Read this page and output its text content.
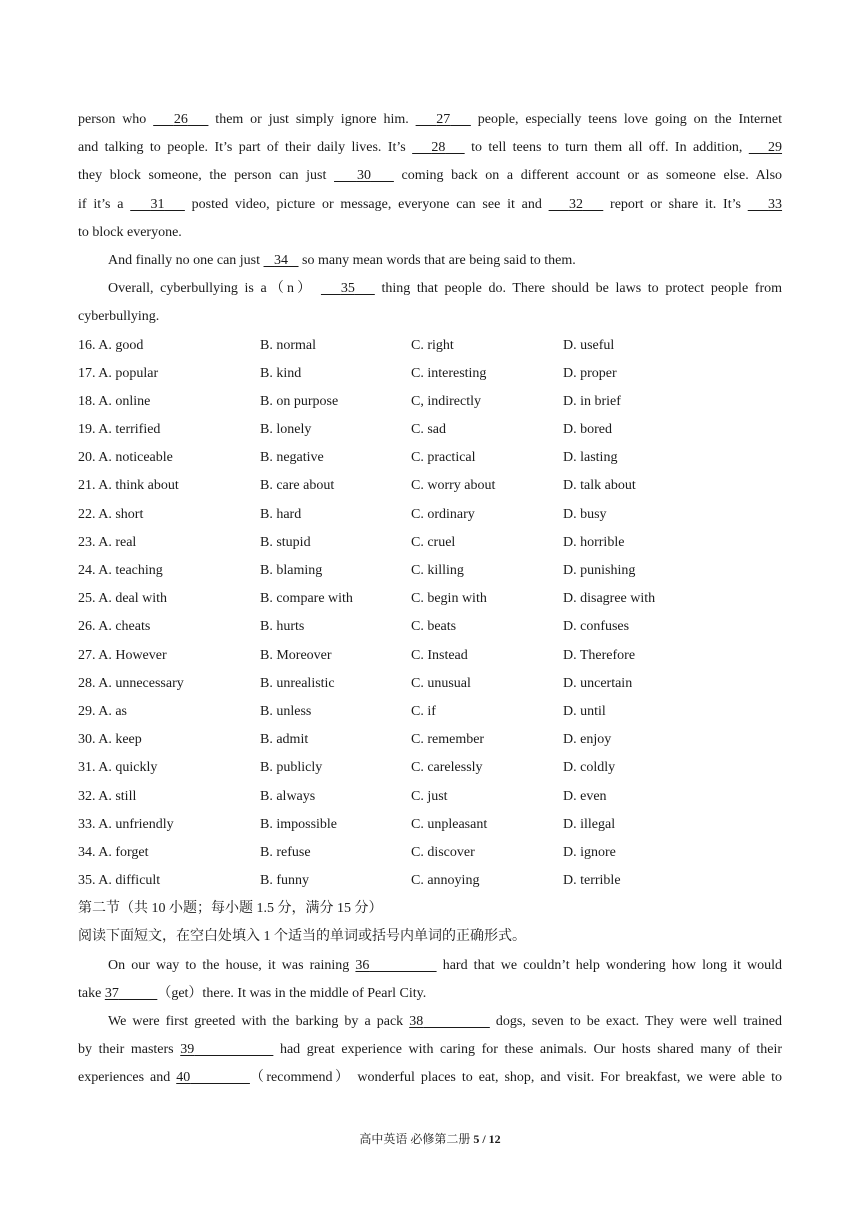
person who    26    them or just simply ignore him.    27    people, especially teens love going on the Internet
and talking to people. It’s part of their daily lives. It’s    28    to tell teens to turn them all off. In addition,    29
they block someone, the person can just    30    coming back on a different account or as someone else. Also
if it’s a    31    posted video, picture or message, everyone can see it and    32    report or share it. It’s    33
to block everyone.
And finally no one can just    34    so many mean words that are being said to them.
Overall, cyberbullying is a（n）    35    thing that people do. There should be laws to protect people from
cyberbullying.
16. A. good	B. normal	C. right	D. useful
17. A. popular	B. kind	C. interesting	D. proper
18. A. online	B. on purpose	C, indirectly	D. in brief
19. A. terrified	B. lonely	C. sad	D. bored
20. A. noticeable	B. negative	C. practical	D. lasting
21. A. think about	B. care about	C. worry about	D. talk about
22. A. short	B. hard	C. ordinary	D. busy
23. A. real	B. stupid	C. cruel	D. horrible
24. A. teaching	B. blaming	C. killing	D. punishing
25. A. deal with	B. compare with	C. begin with	D. disagree with
26. A. cheats	B. hurts	C. beats	D. confuses
27. A. However	B. Moreover	C. Instead	D. Therefore
28. A. unnecessary	B. unrealistic	C. unusual	D. uncertain
29. A. as	B. unless	C. if	D. until
30. A. keep	B. admit	C. remember	D. enjoy
31. A. quickly	B. publicly	C. carelessly	D. coldly
32. A. still	B. always	C. just	D. even
33. A. unfriendly	B. impossible	C. unpleasant	D. illegal
34. A. forget	B. refuse	C. discover	D. ignore
35. A. difficult	B. funny	C. annoying	D. terrible
第二节（共 10 小题；每小题 1.5 分，满分 15 分）
阅读下面短文，在空白处填入 1 个适当的单词或括号内单词的正确形式。
On our way to the house, it was raining 36	hard that we couldn’t help wondering how long it would
take 37	（get）there. It was in the middle of Pearl City.
We were first greeted with the barking by a pack 38	dogs, seven to be exact. They were well trained
by their masters 39	had great experience with caring for these animals. Our hosts shared many of their
experiences and 40	（recommend） wonderful places to eat, shop, and visit. For breakfast, we were able to
高中英语 必修第二册 5 / 12
